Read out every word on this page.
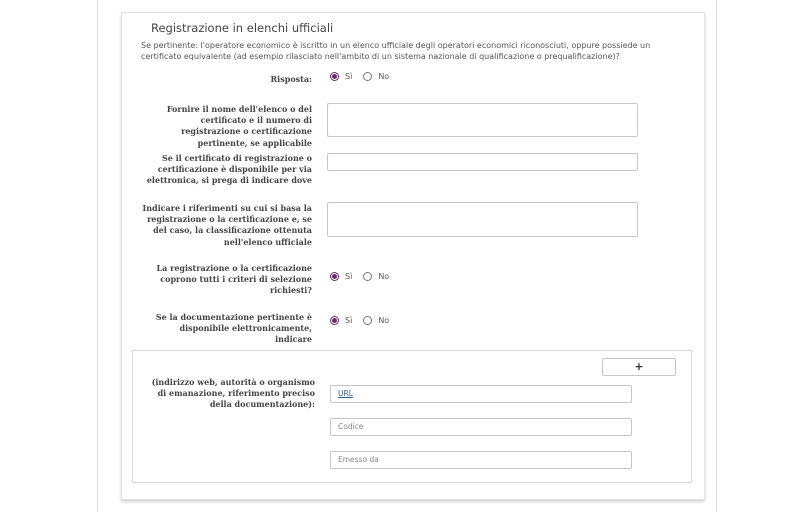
Registrazione in elenchi ufficiali
Se pertinente: l'operatore economico è iscritto in un elenco ufficiale degli operatori economici riconosciuti, oppure possiede un certificato equivalente (ad esempio rilasciato nell'ambito di un sistema nazionale di qualificazione o prequalificazione)?
Risposta:	Sì	No
Fornire il nome dell'elenco o del certificato e il numero di registrazione o certificazione pertinente, se applicabile
Se il certificato di registrazione o certificazione è disponibile per via elettronica, si prega di indicare dove
Indicare i riferimenti su cui si basa la registrazione o la certificazione e, se del caso, la classificazione ottenuta nell'elenco ufficiale
La registrazione o la certificazione coprono tutti i criteri di selezione richiesti?
Sì	No
Se la documentazione pertinente è disponibile elettronicamente, indicare
Sì	No
+
(indirizzo web, autorità o organismo di emanazione, riferimento preciso della documentazione):
URL
Codice
Emesso da
